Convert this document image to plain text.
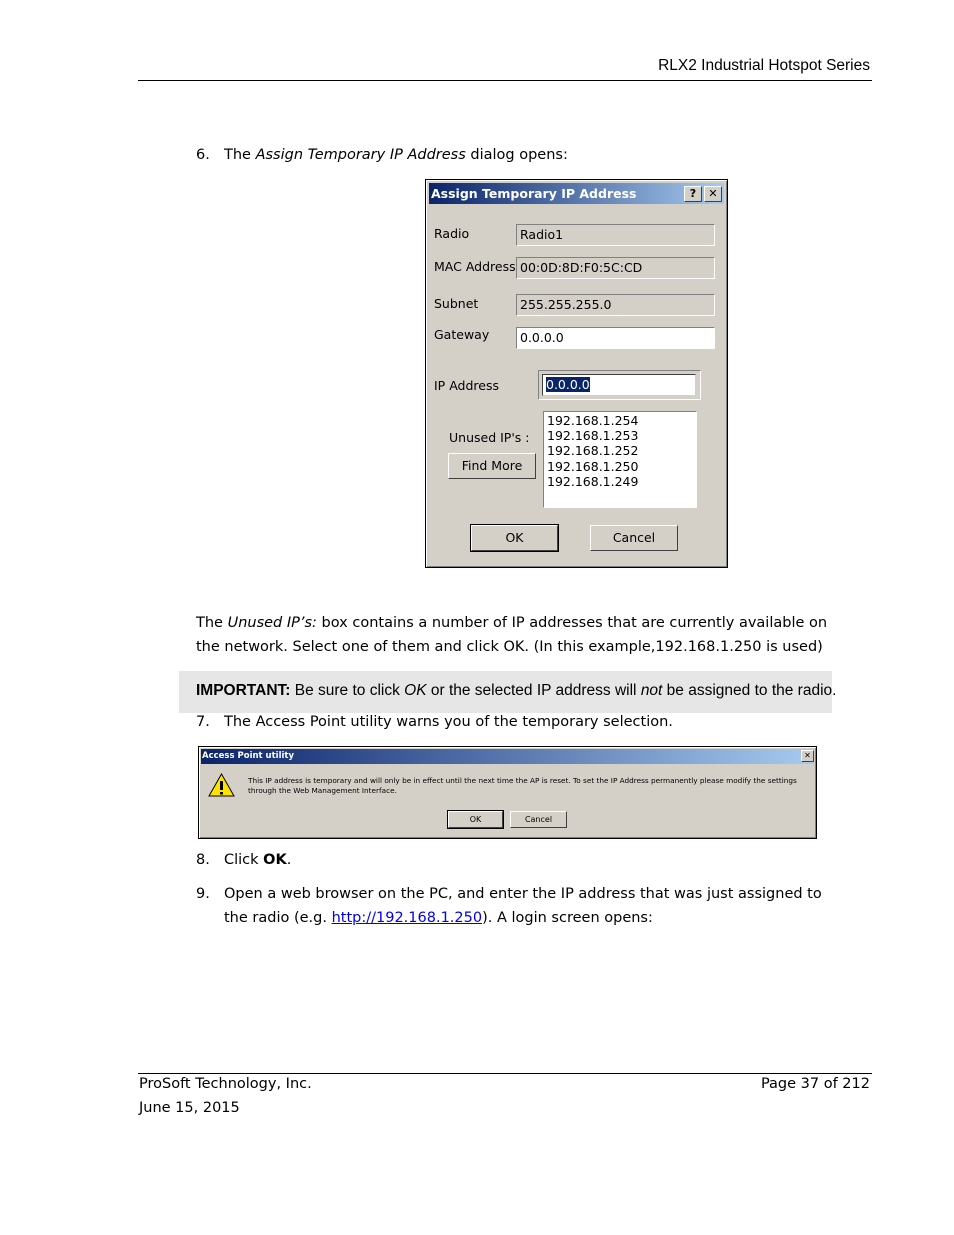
RLX2 Industrial Hotspot Series
6. The Assign Temporary IP Address dialog opens:
Assign Temporary IP Address	?	✕
Radio	Radio1
MAC Address 00:0D:8D:F0:5C:CD
Subnet	255.255.255.0
Gateway	0.0.0.0
IP Address	0.0.0.0
Unused IP's :
Find More
192.168.1.254
192.168.1.253
192.168.1.252
192.168.1.250
192.168.1.249
OK	Cancel
The Unused IP’s: box contains a number of IP addresses that are currently available on
the network. Select one of them and click OK. (In this example,192.168.1.250 is used)
IMPORTANT: Be sure to click OK or the selected IP address will not be assigned to the radio.
7. The Access Point utility warns you of the temporary selection.
Access Point utility	✕
This IP address is temporary and will only be in effect until the next time the AP is reset. To set the IP Address permanently please modify the settings
through the Web Management Interface.
OK	Cancel
8. Click OK.
9. Open a web browser on the PC, and enter the IP address that was just assigned to
the radio (e.g. http://192.168.1.250). A login screen opens:
ProSoft Technology, Inc.
June 15, 2015
Page 37 of 212
